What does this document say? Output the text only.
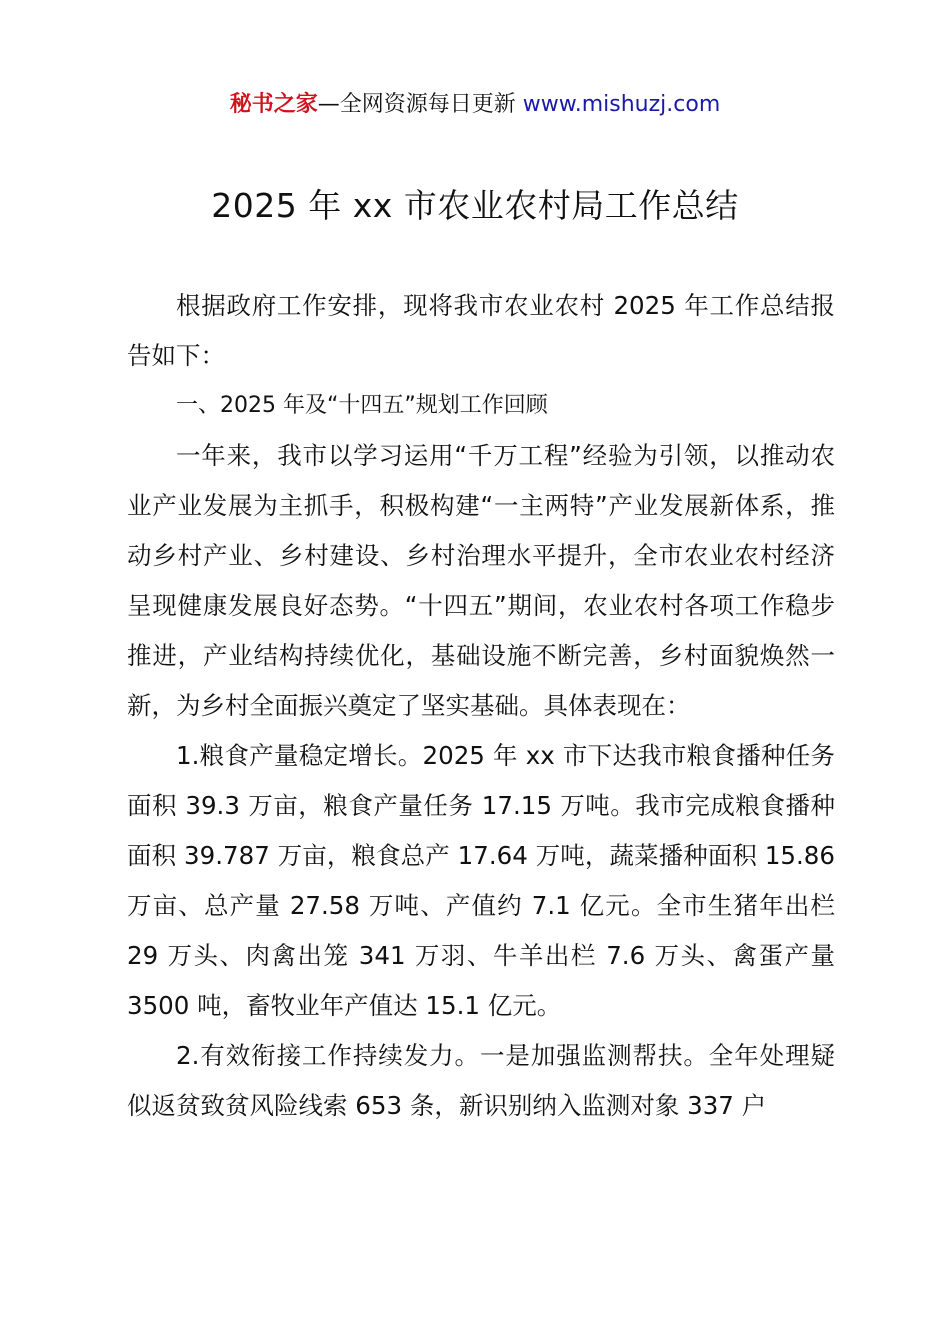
秘书之家—全网资源每日更新 www.mishuzj.com
2025 年 xx 市农业农村局工作总结

根据政府工作安排，现将我市农业农村 2025 年工作总结报告如下：

一、2025 年及“十四五”规划工作回顾

一年来，我市以学习运用“千万工程”经验为引领，以推动农业产业发展为主抓手，积极构建“一主两特”产业发展新体系，推动乡村产业、乡村建设、乡村治理水平提升，全市农业农村经济呈现健康发展良好态势。“十四五”期间，农业农村各项工作稳步推进，产业结构持续优化，基础设施不断完善，乡村面貌焕然一新，为乡村全面振兴奠定了坚实基础。具体表现在：

1.粮食产量稳定增长。2025 年 xx 市下达我市粮食播种任务面积 39.3 万亩，粮食产量任务 17.15 万吨。我市完成粮食播种面积 39.787 万亩，粮食总产 17.64 万吨，蔬菜播种面积 15.86 万亩、总产量 27.58 万吨、产值约 7.1 亿元。全市生猪年出栏 29 万头、肉禽出笼 341 万羽、牛羊出栏 7.6 万头、禽蛋产量 3500 吨，畜牧业年产值达 15.1 亿元。

2.有效衔接工作持续发力。一是加强监测帮扶。全年处理疑似返贫致贫风险线索 653 条，新识别纳入监测对象 337 户
